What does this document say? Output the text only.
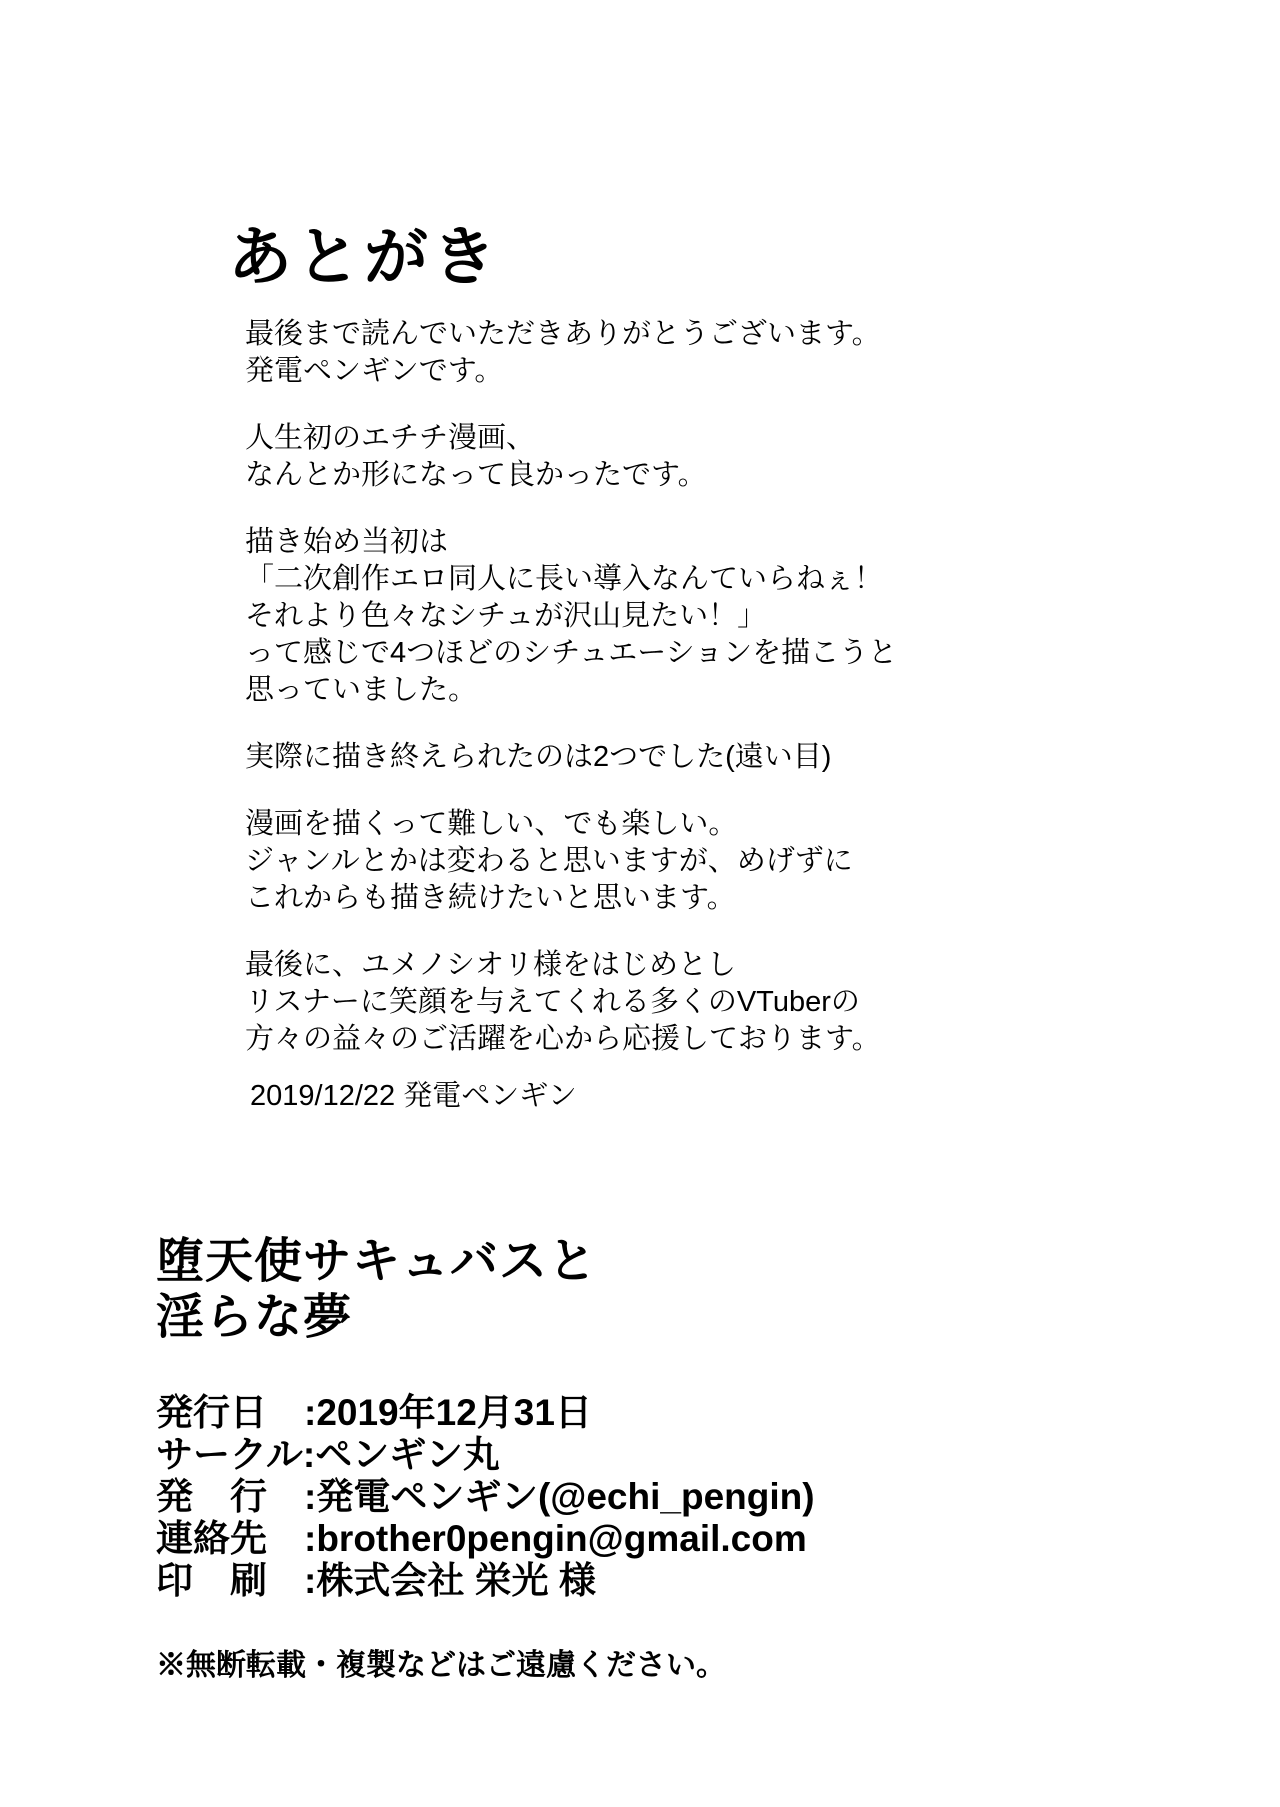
あとがき

最後まで読んでいただきありがとうございます。
発電ペンギンです。

人生初のエチチ漫画、
なんとか形になって良かったです。

描き始め当初は
「二次創作エロ同人に長い導入なんていらねぇ！
それより色々なシチュが沢山見たい！」
って感じで4つほどのシチュエーションを描こうと
思っていました。

実際に描き終えられたのは2つでした(遠い目)

漫画を描くって難しい、でも楽しい。
ジャンルとかは変わると思いますが、めげずに
これからも描き続けたいと思います。

最後に、ユメノシオリ様をはじめとし
リスナーに笑顔を与えてくれる多くのVTuberの
方々の益々のご活躍を心から応援しております。

2019/12/22 発電ペンギン
堕天使サキュバスと
淫らな夢
発行日　:2019年12月31日
サークル:ペンギン丸
発　行　:発電ペンギン(@echi_pengin)
連絡先　:brother0pengin@gmail.com
印　刷　:株式会社 栄光 様
※無断転載・複製などはご遠慮ください。
